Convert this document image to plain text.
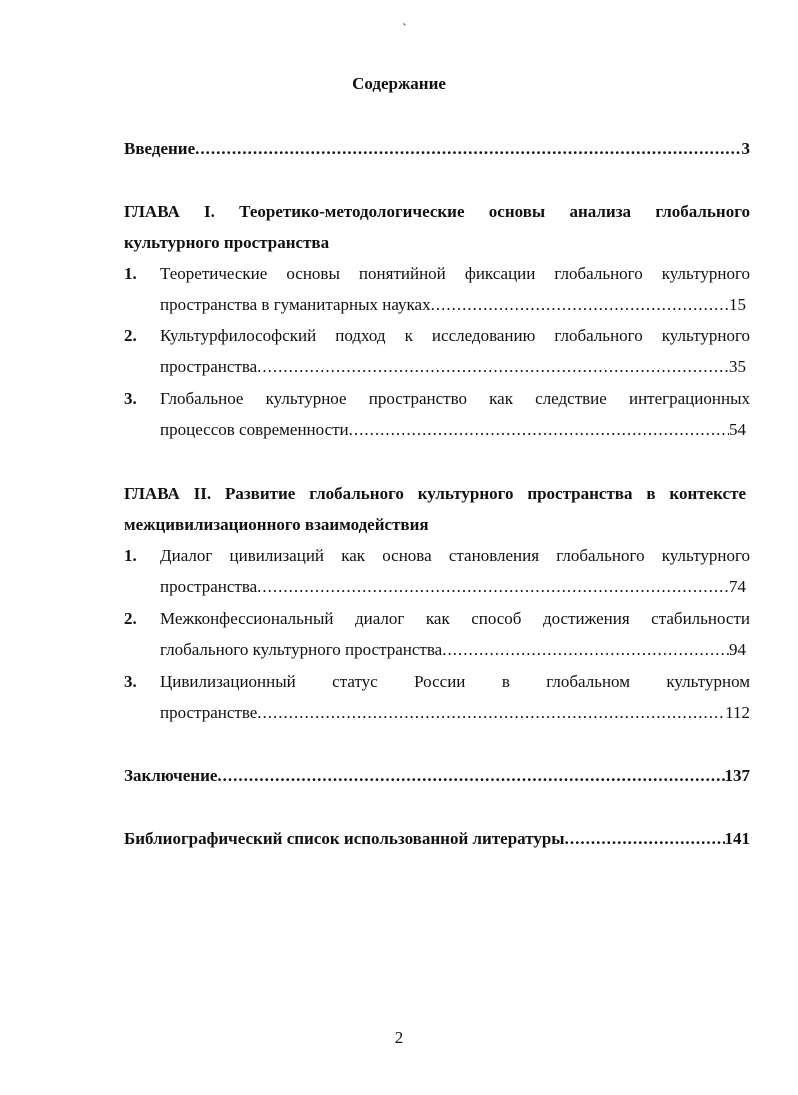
`
Содержание
Введение .....	3
ГЛАВА I. Теоретико-методологические основы анализа глобального
культурного пространства
1. Теоретические основы понятийной фиксации глобального культурного
пространства в гуманитарных науках .....	15
2. Культурфилософский подход к исследованию глобального культурного
пространства .....	35
3. Глобальное культурное пространство как следствие интеграционных
процессов современности .....	54
ГЛАВА II. Развитие глобального культурного пространства в контексте
межцивилизационного взаимодействия
1. Диалог цивилизаций как основа становления глобального культурного
пространства .....	74
2. Межконфессиональный диалог как способ достижения стабильности
глобального культурного пространства .....	94
3. Цивилизационный статус России в глобальном культурном
пространстве .....	112
Заключение .....	137
Библиографический список использованной литературы .....	141
2
